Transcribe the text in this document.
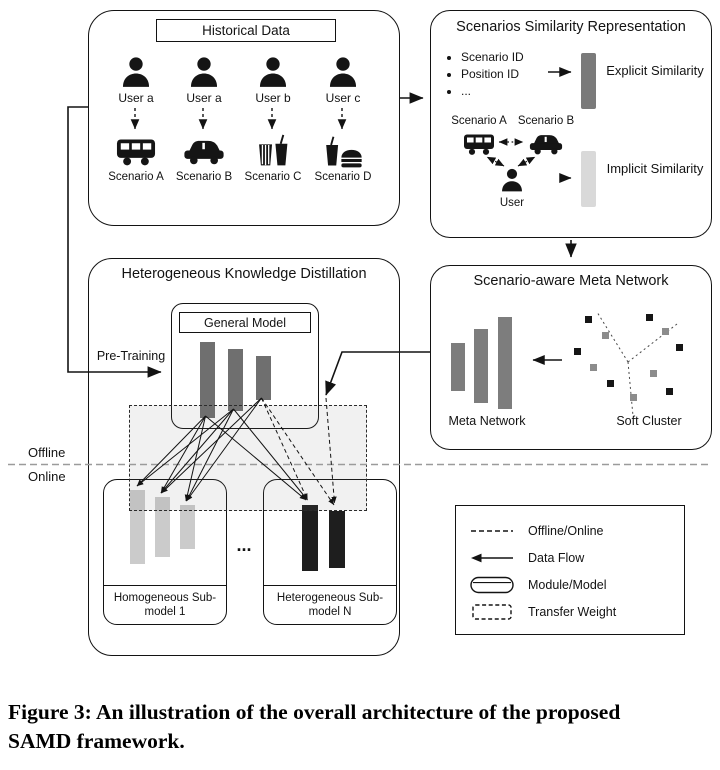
Historical Data
User a
Scenario A
User a
Scenario B
User b
Scenario C
User c
Scenario D
Scenarios Similarity Representation
• Scenario ID
• Position ID
• ...
Explicit Similarity
Scenario A Scenario B
User
Implicit Similarity
Scenario-aware Meta Network
Meta Network	Soft Cluster
Heterogeneous Knowledge Distillation
General Model
Pre-Training
Homogeneous Sub-model 1
...
Heterogeneous Sub-model N
Offline
Online
Offline/Online
Data Flow
Module/Model
Transfer Weight
Figure 3: An illustration of the overall architecture of the proposed SAMD framework.
